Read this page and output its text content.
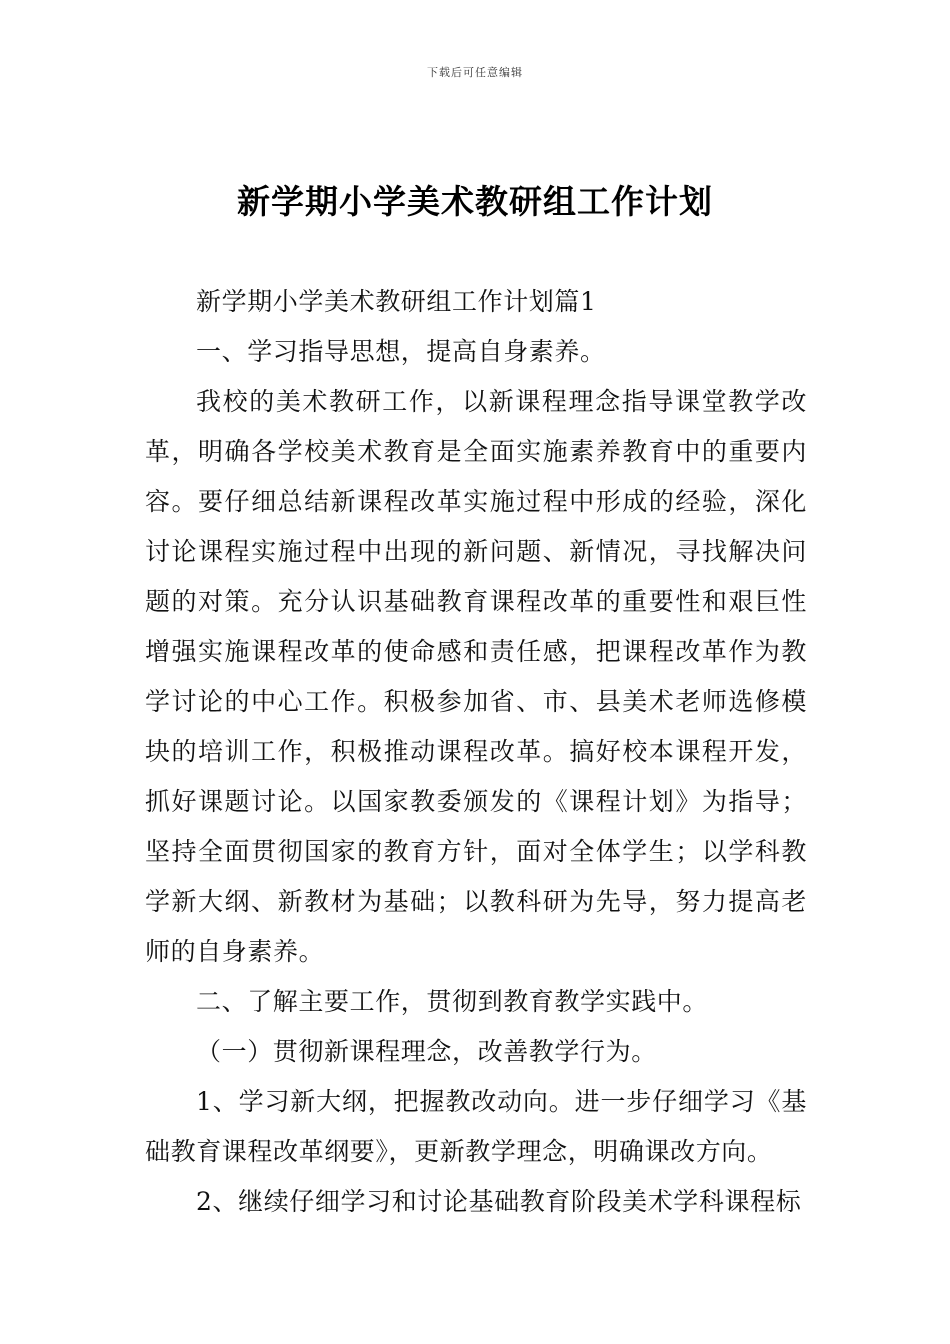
下载后可任意编辑
新学期小学美术教研组工作计划

新学期小学美术教研组工作计划篇1

一、学习指导思想，提高自身素养。

我校的美术教研工作，以新课程理念指导课堂教学改革，明确各学校美术教育是全面实施素养教育中的重要内容。要仔细总结新课程改革实施过程中形成的经验，深化讨论课程实施过程中出现的新问题、新情况，寻找解决问题的对策。充分认识基础教育课程改革的重要性和艰巨性增强实施课程改革的使命感和责任感，把课程改革作为教学讨论的中心工作。积极参加省、市、县美术老师选修模块的培训工作，积极推动课程改革。搞好校本课程开发，抓好课题讨论。以国家教委颁发的《课程计划》为指导；坚持全面贯彻国家的教育方针，面对全体学生；以学科教学新大纲、新教材为基础；以教科研为先导，努力提高老师的自身素养。

二、了解主要工作，贯彻到教育教学实践中。

（一）贯彻新课程理念，改善教学行为。

1、学习新大纲，把握教改动向。进一步仔细学习《基础教育课程改革纲要》，更新教学理念，明确课改方向。

2、继续仔细学习和讨论基础教育阶段美术学科课程标
